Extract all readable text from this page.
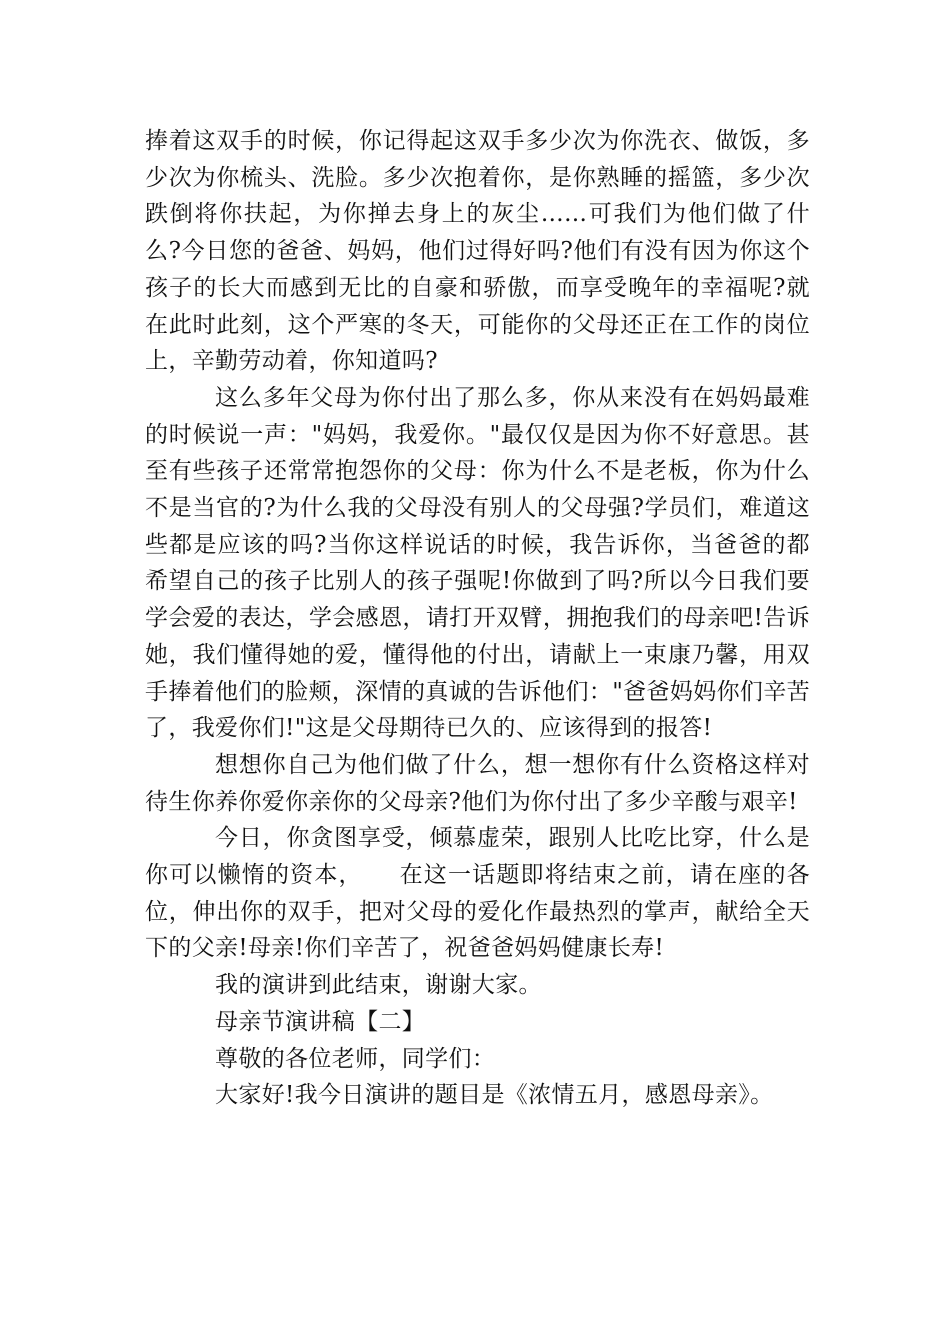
捧着这双手的时候，你记得起这双手多少次为你洗衣、做饭，多少次为你梳头、洗脸。多少次抱着你，是你熟睡的摇篮，多少次跌倒将你扶起，为你掸去身上的灰尘……可我们为他们做了什么?今日您的爸爸、妈妈，他们过得好吗?他们有没有因为你这个孩子的长大而感到无比的自豪和骄傲，而享受晚年的幸福呢?就在此时此刻，这个严寒的冬天，可能你的父母还正在工作的岗位上，辛勤劳动着，你知道吗?

这么多年父母为你付出了那么多，你从来没有在妈妈最难的时候说一声："妈妈，我爱你。"最仅仅是因为你不好意思。甚至有些孩子还常常抱怨你的父母：你为什么不是老板，你为什么不是当官的?为什么我的父母没有别人的父母强?学员们，难道这些都是应该的吗?当你这样说话的时候，我告诉你，当爸爸的都希望自己的孩子比别人的孩子强呢!你做到了吗?所以今日我们要学会爱的表达，学会感恩，请打开双臂，拥抱我们的母亲吧!告诉她，我们懂得她的爱，懂得他的付出，请献上一束康乃馨，用双手捧着他们的脸颊，深情的真诚的告诉他们："爸爸妈妈你们辛苦了，我爱你们!"这是父母期待已久的、应该得到的报答!

想想你自己为他们做了什么，想一想你有什么资格这样对待生你养你爱你亲你的父母亲?他们为你付出了多少辛酸与艰辛!

今日，你贪图享受，倾慕虚荣，跟别人比吃比穿，什么是你可以懒惰的资本，　　在这一话题即将结束之前，请在座的各位，伸出你的双手，把对父母的爱化作最热烈的掌声，献给全天下的父亲!母亲!你们辛苦了，祝爸爸妈妈健康长寿!

我的演讲到此结束，谢谢大家。

母亲节演讲稿【二】

尊敬的各位老师，同学们：

大家好!我今日演讲的题目是《浓情五月，感恩母亲》。
